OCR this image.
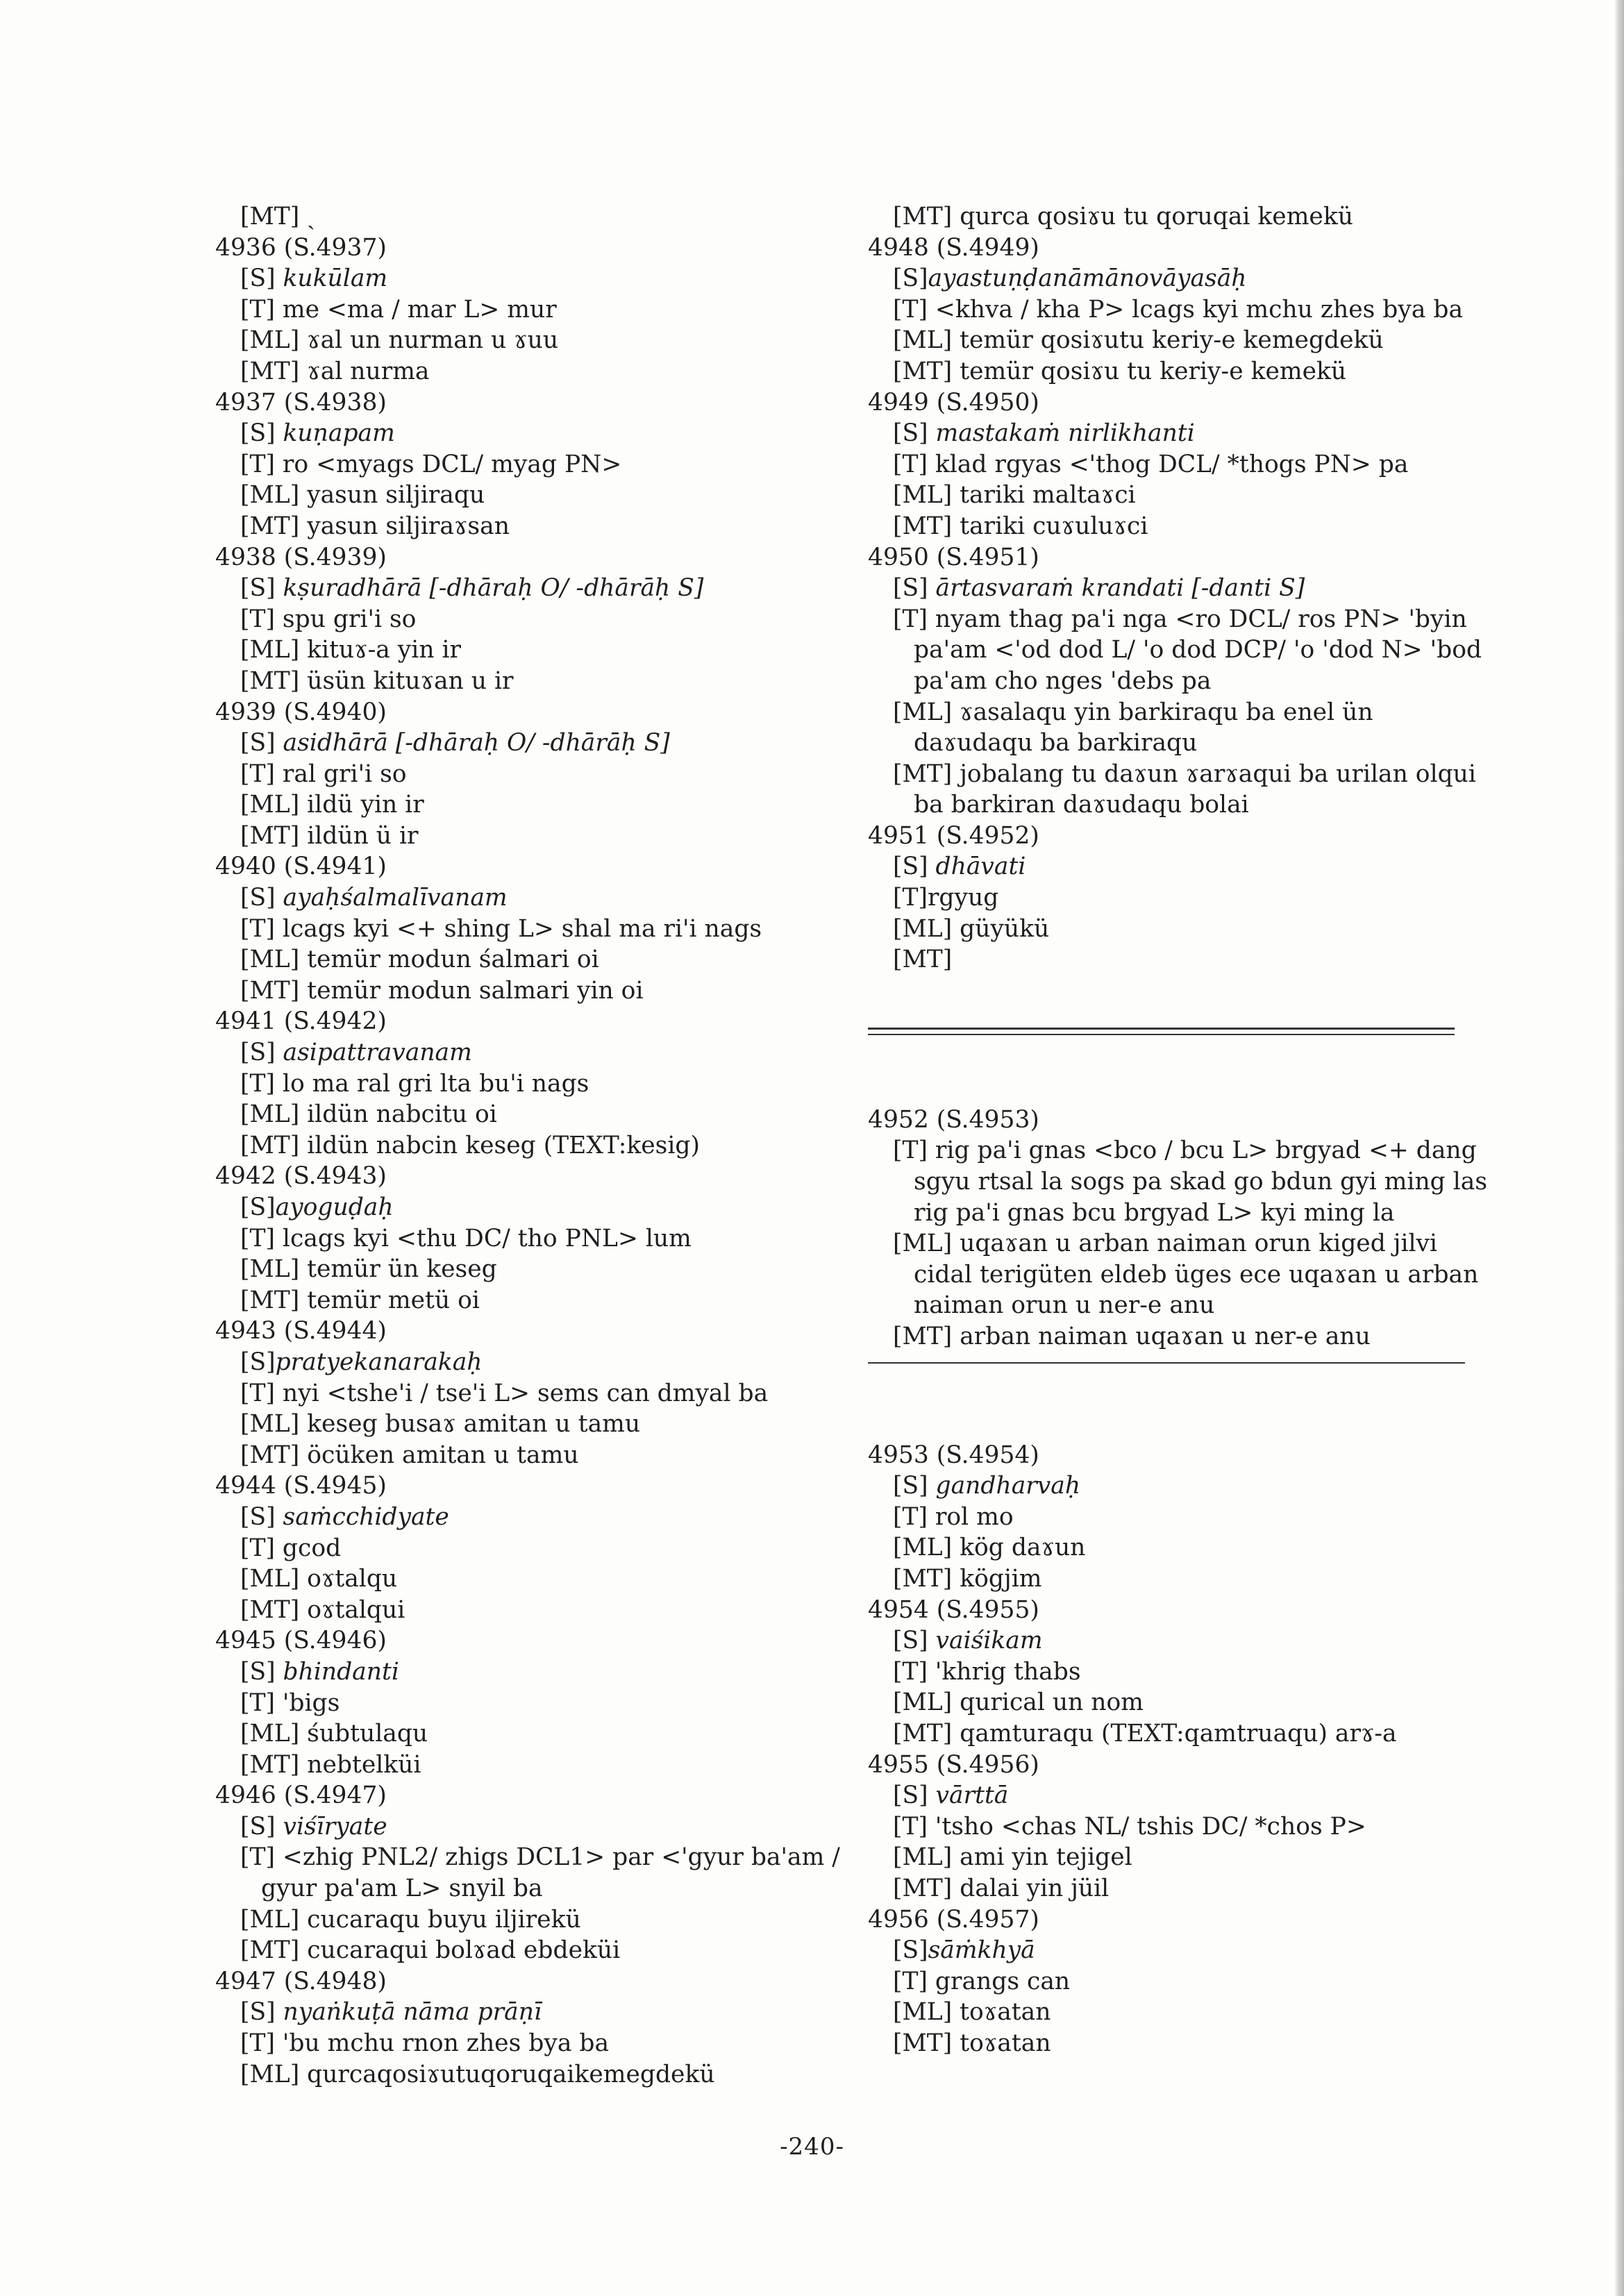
[MT] ˎ
4936 (S.4937)
[S] kukūlam
[T] me <ma / mar L> mur
[ML] ɤal un nurman u ɤuu
[MT] ɤal nurma
4937 (S.4938)
[S] kuṇapam
[T] ro <myags DCL/ myag PN>
[ML] yasun siljiraqu
[MT] yasun siljiraɤsan
4938 (S.4939)
[S] kṣuradhārā [-dhāraḥ O/ -dhārāḥ S]
[T] spu gri'i so
[ML] kituɤ-a yin ir
[MT] üsün kituɤan u ir
4939 (S.4940)
[S] asidhārā [-dhāraḥ O/ -dhārāḥ S]
[T] ral gri'i so
[ML] ildü yin ir
[MT] ildün ü ir
4940 (S.4941)
[S] ayaḥśalmalīvanam
[T] lcags kyi <+ shing L> shal ma ri'i nags
[ML] temür modun śalmari oi
[MT] temür modun salmari yin oi
4941 (S.4942)
[S] asipattravanam
[T] lo ma ral gri lta bu'i nags
[ML] ildün nabcitu oi
[MT] ildün nabcin keseg (TEXT:kesig)
4942 (S.4943)
[S]ayoguḍaḥ
[T] lcags kyi <thu DC/ tho PNL> lum
[ML] temür ün keseg
[MT] temür metü oi
4943 (S.4944)
[S]pratyekanarakaḥ
[T] nyi <tshe'i / tse'i L> sems can dmyal ba
[ML] keseg busaɤ amitan u tamu
[MT] öcüken amitan u tamu
4944 (S.4945)
[S] saṁcchidyate
[T] gcod
[ML] oɤtalqu
[MT] oɤtalqui
4945 (S.4946)
[S] bhindanti
[T] 'bigs
[ML] śubtulaqu
[MT] nebtelküi
4946 (S.4947)
[S] viśīryate
[T] <zhig PNL2/ zhigs DCL1> par <'gyur ba'am / gyur pa'am L> snyil ba
[ML] cucaraqu buyu iljirekü
[MT] cucaraqui bolɤad ebdeküi
4947 (S.4948)
[S] nyaṅkuṭā nāma prāṇī
[T] 'bu mchu rnon zhes bya ba
[ML] qurcaqosiɤutuqoruqaikemegdekü
[MT] qurca qosiɤu tu qoruqai kemekü
4948 (S.4949)
[S]ayastuṇḍanāmānovāyasāḥ
[T] <khva / kha P> lcags kyi mchu zhes bya ba
[ML] temür qosiɤutu keriy-e kemegdekü
[MT] temür qosiɤu tu keriy-e kemekü
4949 (S.4950)
[S] mastakaṁ nirlikhanti
[T] klad rgyas <'thog DCL/ *thogs PN> pa
[ML] tariki maltaɤci
[MT] tariki cuɤuluɤci
4950 (S.4951)
[S] ārtasvaraṁ krandati [-danti S]
[T] nyam thag pa'i nga <ro DCL/ ros PN> 'byin pa'am <'od dod L/ 'o dod DCP/ 'o 'dod N> 'bod pa'am cho nges 'debs pa
[ML] ɤasalaqu yin barkiraqu ba enel ün daɤudaqu ba barkiraqu
[MT] jobalang tu daɤun ɤarɤaqui ba urilan olqui ba barkiran daɤudaqu bolai
4951 (S.4952)
[S] dhāvati
[T]rgyug
[ML] güyükü
[MT]
4952 (S.4953)
[T] rig pa'i gnas <bco / bcu L> brgyad <+ dang sgyu rtsal la sogs pa skad go bdun gyi ming las rig pa'i gnas bcu brgyad L> kyi ming la
[ML] uqaɤan u arban naiman orun kiged jilvi cidal terigüten eldeb üges ece uqaɤan u arban naiman orun u ner-e anu
[MT] arban naiman uqaɤan u ner-e anu
4953 (S.4954)
[S] gandharvaḥ
[T] rol mo
[ML] kög daɤun
[MT] kögjim
4954 (S.4955)
[S] vaiśikam
[T] 'khrig thabs
[ML] qurical un nom
[MT] qamturaqu (TEXT:qamtruaqu) arɤ-a
4955 (S.4956)
[S] vārttā
[T] 'tsho <chas NL/ tshis DC/ *chos P>
[ML] ami yin tejigel
[MT] dalai yin jüil
4956 (S.4957)
[S]sāṁkhyā
[T] grangs can
[ML] toɤatan
[MT] toɤatan
-240-
